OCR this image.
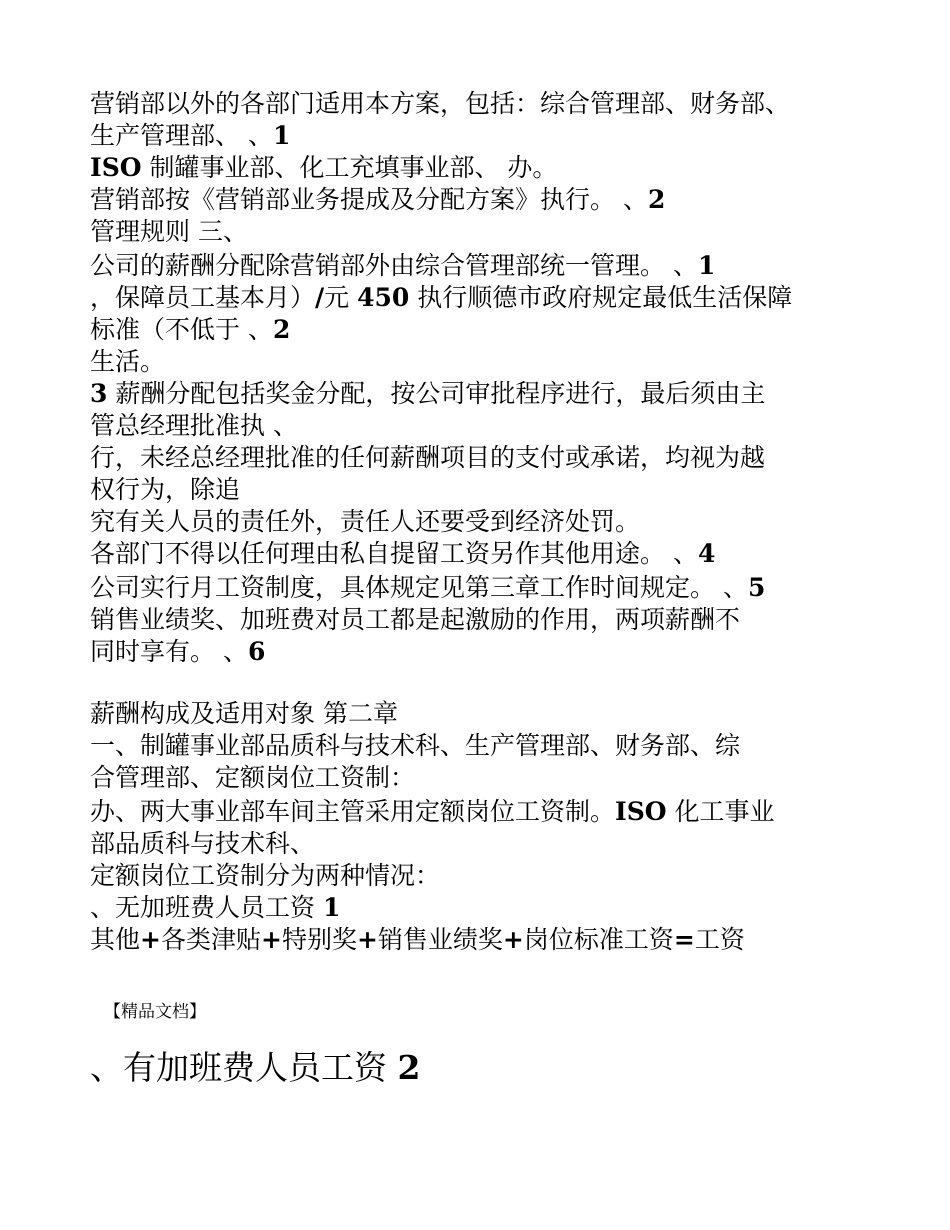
营销部以外的各部门适用本方案，包括：综合管理部、财务部、
生产管理部、 、1
ISO 制罐事业部、化工充填事业部、 办。
营销部按《营销部业务提成及分配方案》执行。 、2
管理规则 三、
公司的薪酬分配除营销部外由综合管理部统一管理。 、1
，保障员工基本月）/元 450 执行顺德市政府规定最低生活保障
标准（不低于 、2
生活。
3 薪酬分配包括奖金分配，按公司审批程序进行，最后须由主
管总经理批准执 、
行，未经总经理批准的任何薪酬项目的支付或承诺，均视为越
权行为，除追
究有关人员的责任外，责任人还要受到经济处罚。
各部门不得以任何理由私自提留工资另作其他用途。 、4
公司实行月工资制度，具体规定见第三章工作时间规定。 、5
销售业绩奖、加班费对员工都是起激励的作用，两项薪酬不
同时享有。 、6
薪酬构成及适用对象 第二章
一、制罐事业部品质科与技术科、生产管理部、财务部、综
合管理部、定额岗位工资制：
办、两大事业部车间主管采用定额岗位工资制。ISO 化工事业
部品质科与技术科、
定额岗位工资制分为两种情况：
、无加班费人员工资 1
其他+各类津贴+特别奖+销售业绩奖+岗位标准工资=工资
【精品文档】
、有加班费人员工资 2
